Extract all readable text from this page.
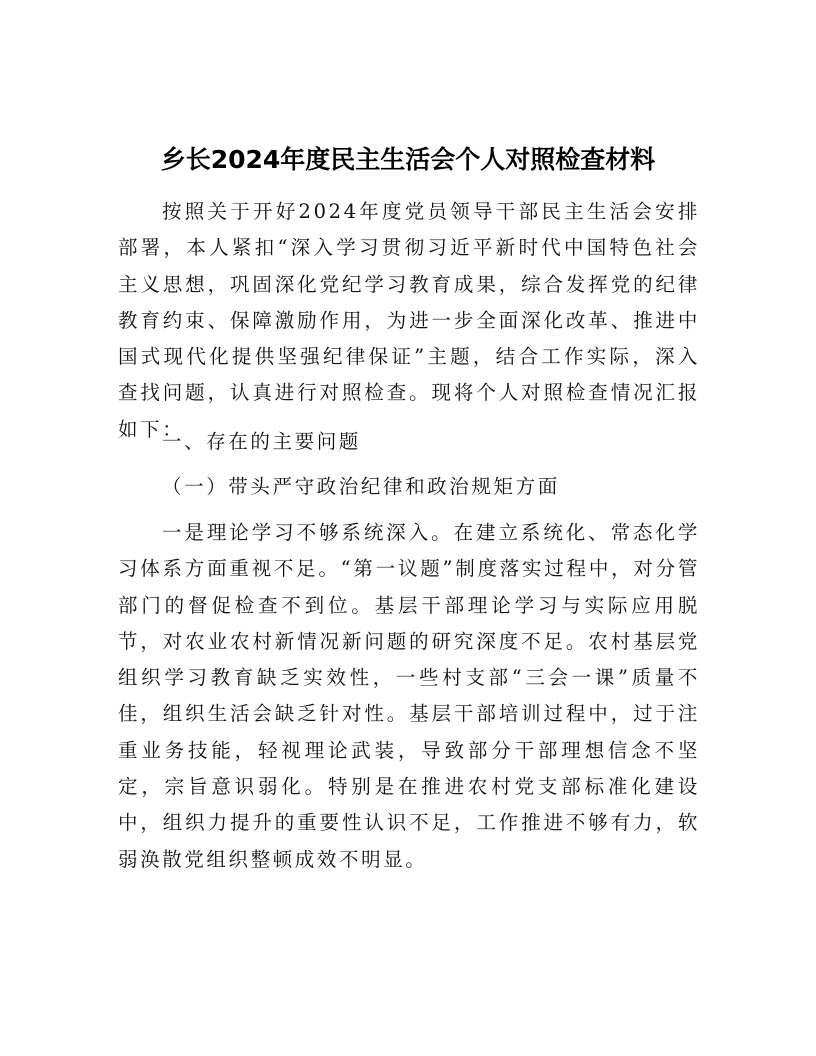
乡长2024年度民主生活会个人对照检查材料

按照关于开好2024年度党员领导干部民主生活会安排部署，本人紧扣“深入学习贯彻习近平新时代中国特色社会主义思想，巩固深化党纪学习教育成果，综合发挥党的纪律教育约束、保障激励作用，为进一步全面深化改革、推进中国式现代化提供坚强纪律保证”主题，结合工作实际，深入查找问题，认真进行对照检查。现将个人对照检查情况汇报如下：

一、存在的主要问题

（一）带头严守政治纪律和政治规矩方面

一是理论学习不够系统深入。在建立系统化、常态化学习体系方面重视不足。“第一议题”制度落实过程中，对分管部门的督促检查不到位。基层干部理论学习与实际应用脱节，对农业农村新情况新问题的研究深度不足。农村基层党组织学习教育缺乏实效性，一些村支部“三会一课”质量不佳，组织生活会缺乏针对性。基层干部培训过程中，过于注重业务技能，轻视理论武装，导致部分干部理想信念不坚定，宗旨意识弱化。特别是在推进农村党支部标准化建设中，组织力提升的重要性认识不足，工作推进不够有力，软弱涣散党组织整顿成效不明显。
